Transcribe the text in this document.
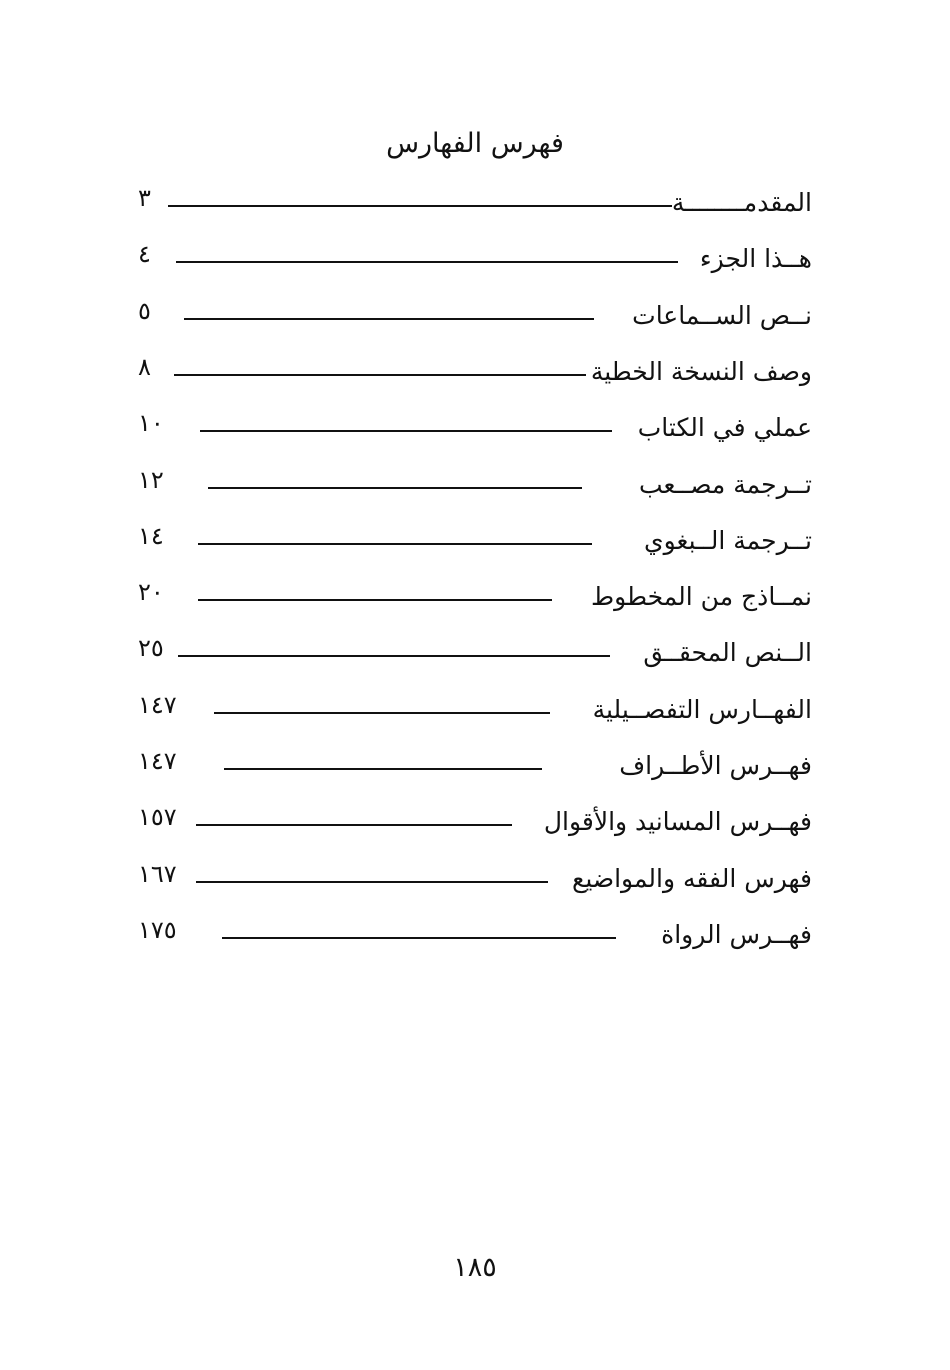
فهرس الفهارس
المقدمــــــــة
٣
هــذا الجزء
٤
نــص الســماعات
٥
وصف النسخة الخطية
٨
عملي في الكتاب
١٠
تــرجمة مصــعب
١٢
تــرجمة الــبغوي
١٤
نمــاذج من المخطوط
٢٠
الــنص المحقــق
٢٥
الفهــارس التفصــيلية
١٤٧
فهــرس الأطــراف
١٤٧
فهــرس المسانيد والأقوال
١٥٧
فهرس الفقه والمواضيع
١٦٧
فهــرس الرواة
١٧٥
١٨٥
